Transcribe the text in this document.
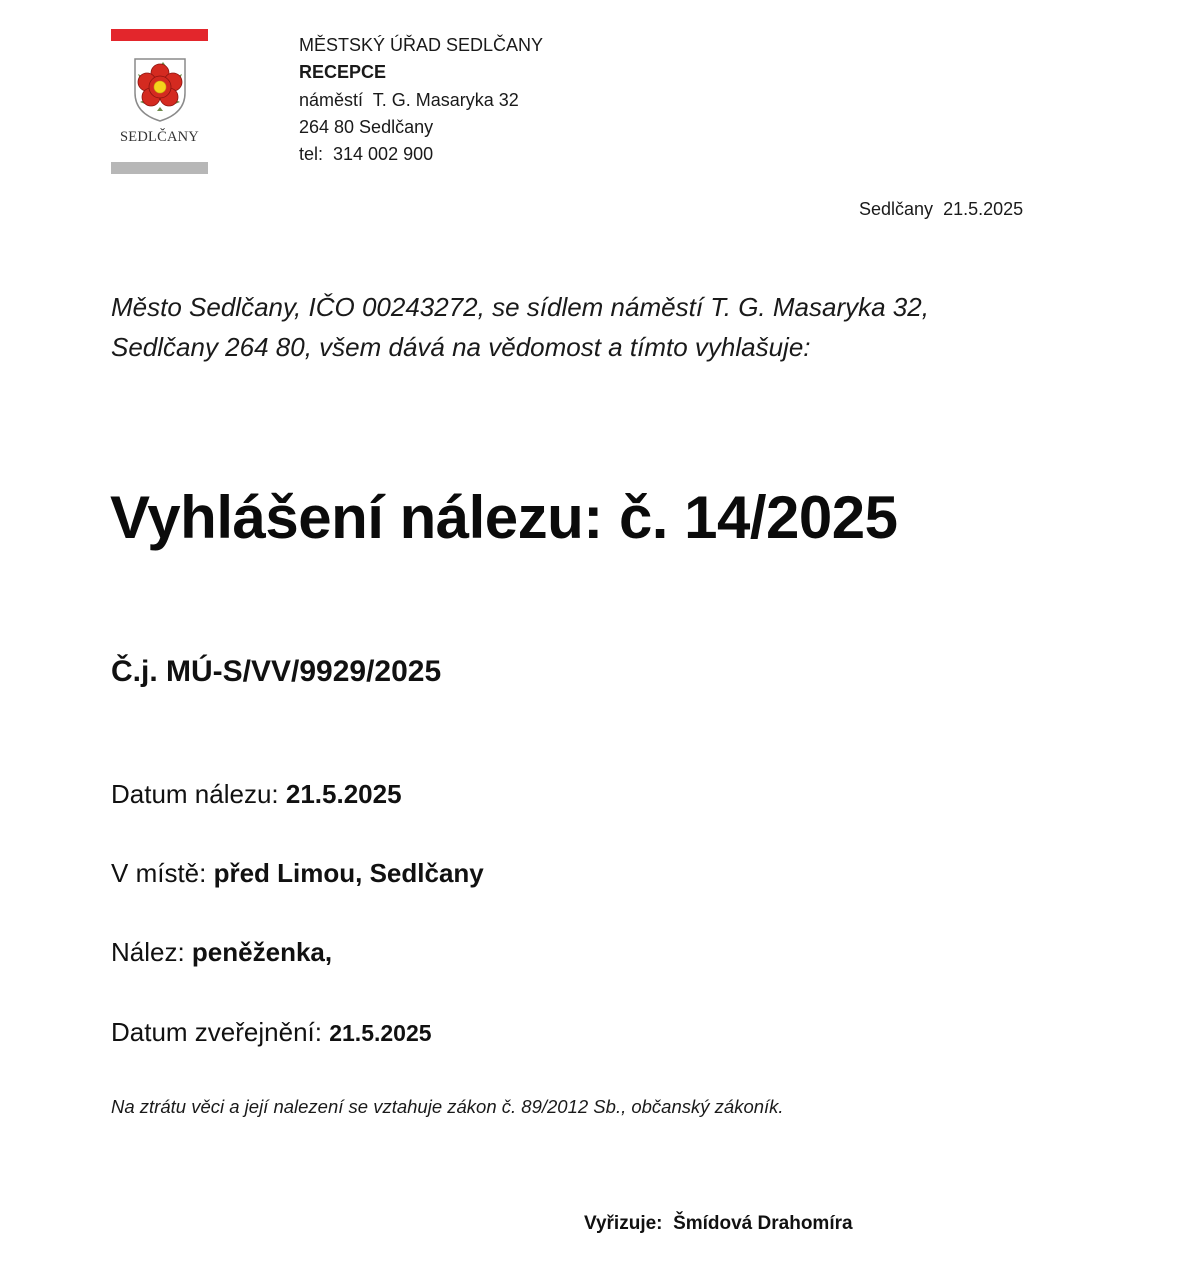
SEDLČANY
MĚSTSKÝ ÚŘAD SEDLČANY
RECEPCE
náměstí  T. G. Masaryka 32
264 80 Sedlčany
tel:  314 002 900
Sedlčany 21.5.2025
Město Sedlčany, IČO 00243272, se sídlem náměstí T. G. Masaryka 32,
Sedlčany 264 80, všem dává na vědomost a tímto vyhlašuje:
Vyhlášení nálezu: č. 14/2025
Č.j. MÚ-S/VV/9929/2025
Datum nálezu: 21.5.2025
V místě: před Limou, Sedlčany
Nález: peněženka,
Datum zveřejnění: 21.5.2025
Na ztrátu věci a její nalezení se vztahuje zákon č. 89/2012 Sb., občanský zákoník.
Vyřizuje: Šmídová Drahomíra
